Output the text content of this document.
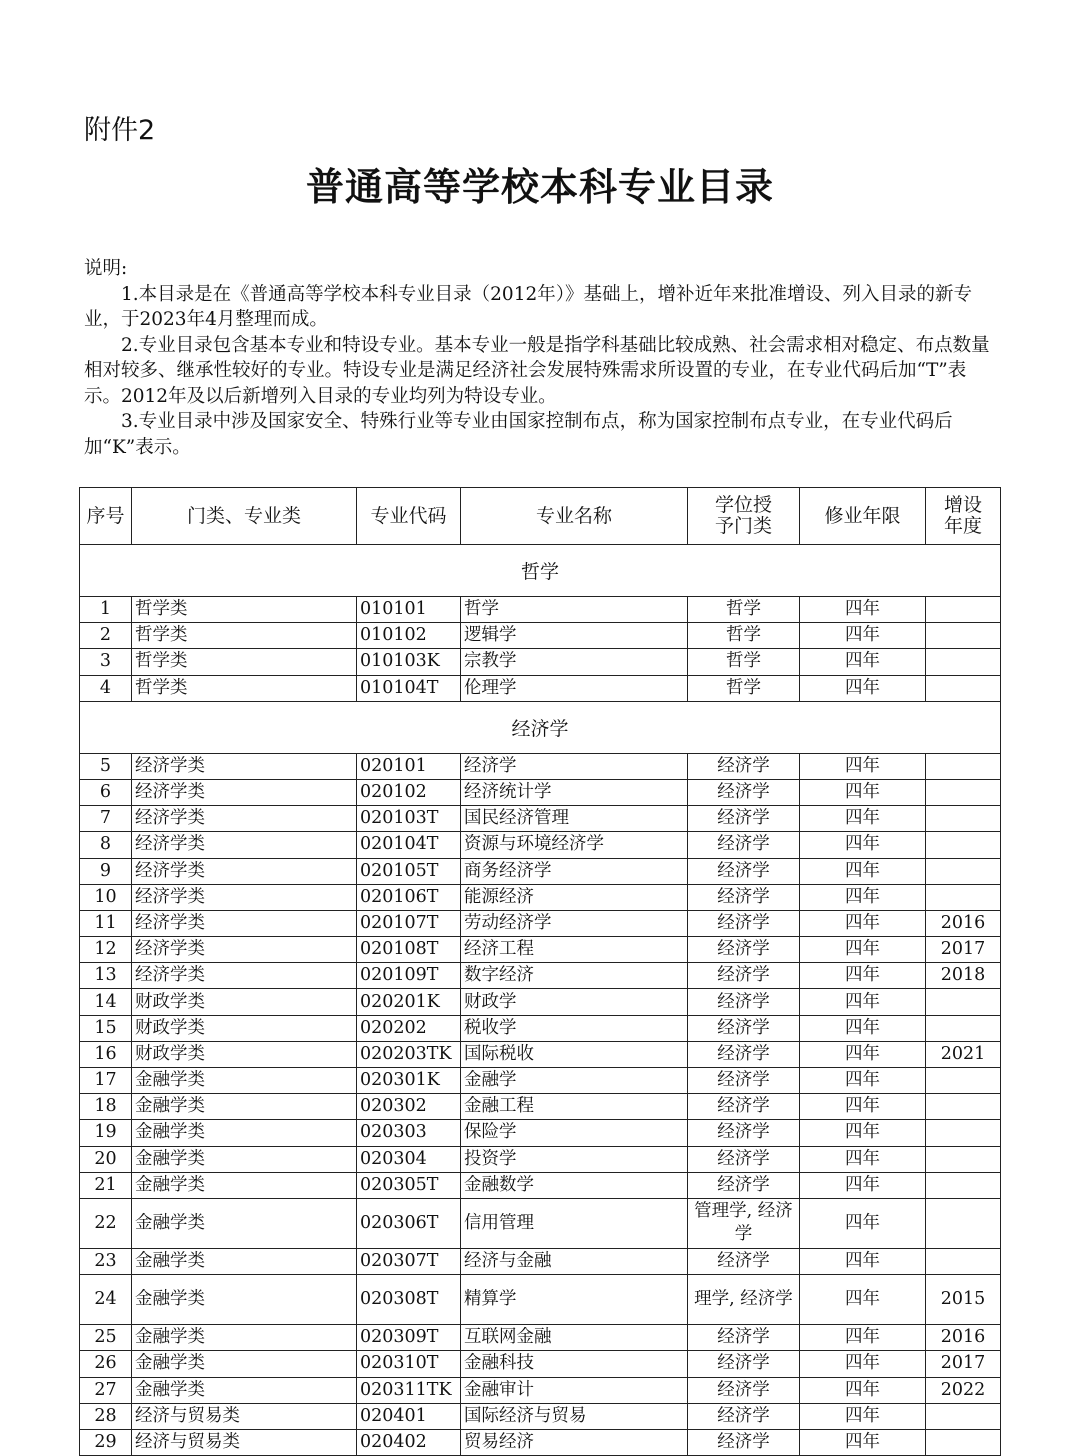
附件2
普通高等学校本科专业目录

说明:

1.本目录是在《普通高等学校本科专业目录（2012年）》基础上，增补近年来批准增设、列入目录的新专业，于2023年4月整理而成。

2.专业目录包含基本专业和特设专业。基本专业一般是指学科基础比较成熟、社会需求相对稳定、布点数量相对较多、继承性较好的专业。特设专业是满足经济社会发展特殊需求所设置的专业，在专业代码后加“T”表示。2012年及以后新增列入目录的专业均列为特设专业。

3.专业目录中涉及国家安全、特殊行业等专业由国家控制布点，称为国家控制布点专业，在专业代码后加“K”表示。

序号	门类、专业类	专业代码	专业名称	学位授予门类	修业年限	增设年度
哲学						
1	哲学类	010101	哲学	哲学	四年	
2	哲学类	010102	逻辑学	哲学	四年	
3	哲学类	010103K	宗教学	哲学	四年	
4	哲学类	010104T	伦理学	哲学	四年	
经济学						
5	经济学类	020101	经济学	经济学	四年	
6	经济学类	020102	经济统计学	经济学	四年	
7	经济学类	020103T	国民经济管理	经济学	四年	
8	经济学类	020104T	资源与环境经济学	经济学	四年	
9	经济学类	020105T	商务经济学	经济学	四年	
10	经济学类	020106T	能源经济	经济学	四年	
11	经济学类	020107T	劳动经济学	经济学	四年	2016
12	经济学类	020108T	经济工程	经济学	四年	2017
13	经济学类	020109T	数字经济	经济学	四年	2018
14	财政学类	020201K	财政学	经济学	四年	
15	财政学类	020202	税收学	经济学	四年	
16	财政学类	020203TK	国际税收	经济学	四年	2021
17	金融学类	020301K	金融学	经济学	四年	
18	金融学类	020302	金融工程	经济学	四年	
19	金融学类	020303	保险学	经济学	四年	
20	金融学类	020304	投资学	经济学	四年	
21	金融学类	020305T	金融数学	经济学	四年	
22	金融学类	020306T	信用管理	管理学, 经济学	四年	
23	金融学类	020307T	经济与金融	经济学	四年	
24	金融学类	020308T	精算学	理学, 经济学	四年	2015
25	金融学类	020309T	互联网金融	经济学	四年	2016
26	金融学类	020310T	金融科技	经济学	四年	2017
27	金融学类	020311TK	金融审计	经济学	四年	2022
28	经济与贸易类	020401	国际经济与贸易	经济学	四年	
29	经济与贸易类	020402	贸易经济	经济学	四年	
